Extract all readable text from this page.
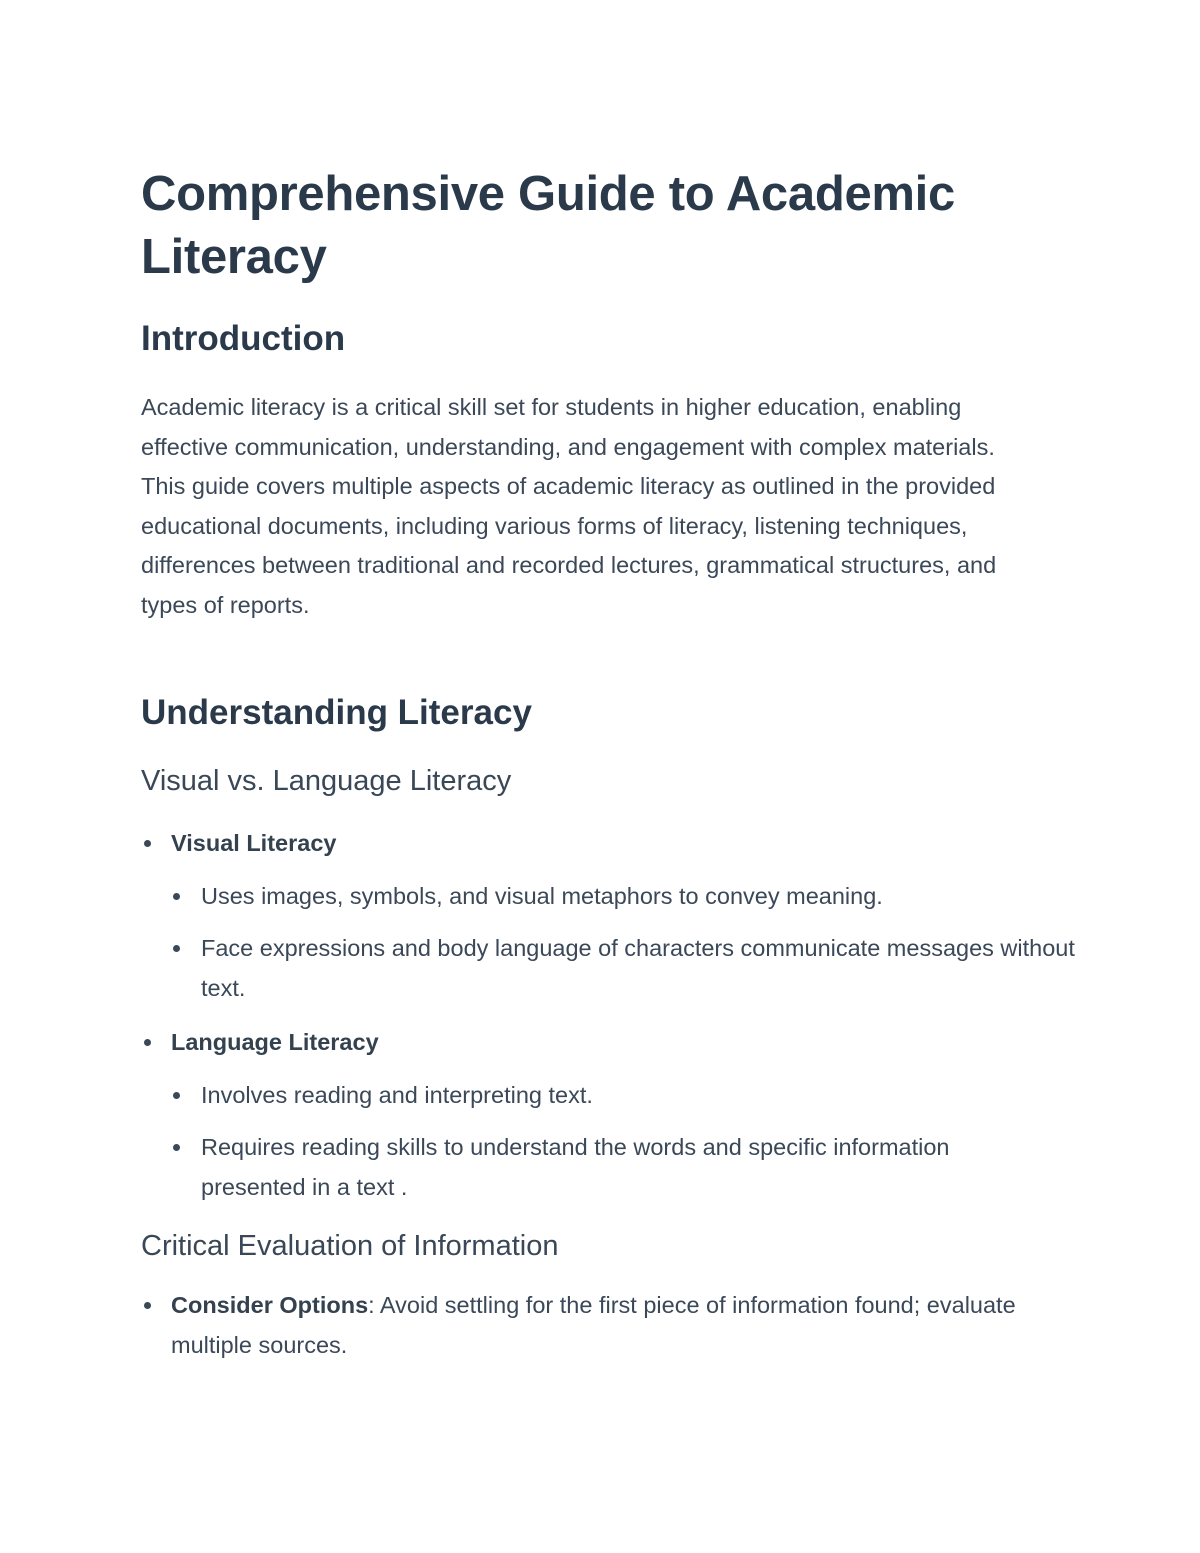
Comprehensive Guide to Academic Literacy
Introduction

Academic literacy is a critical skill set for students in higher education, enabling effective communication, understanding, and engagement with complex materials. This guide covers multiple aspects of academic literacy as outlined in the provided educational documents, including various forms of literacy, listening techniques, differences between traditional and recorded lectures, grammatical structures, and types of reports.

Understanding Literacy
Visual vs. Language Literacy
Visual Literacy
Uses images, symbols, and visual metaphors to convey meaning.
Face expressions and body language of characters communicate messages without text.
Language Literacy
Involves reading and interpreting text.
Requires reading skills to understand the words and specific information presented in a text .
Critical Evaluation of Information
Consider Options: Avoid settling for the first piece of information found; evaluate multiple sources.
